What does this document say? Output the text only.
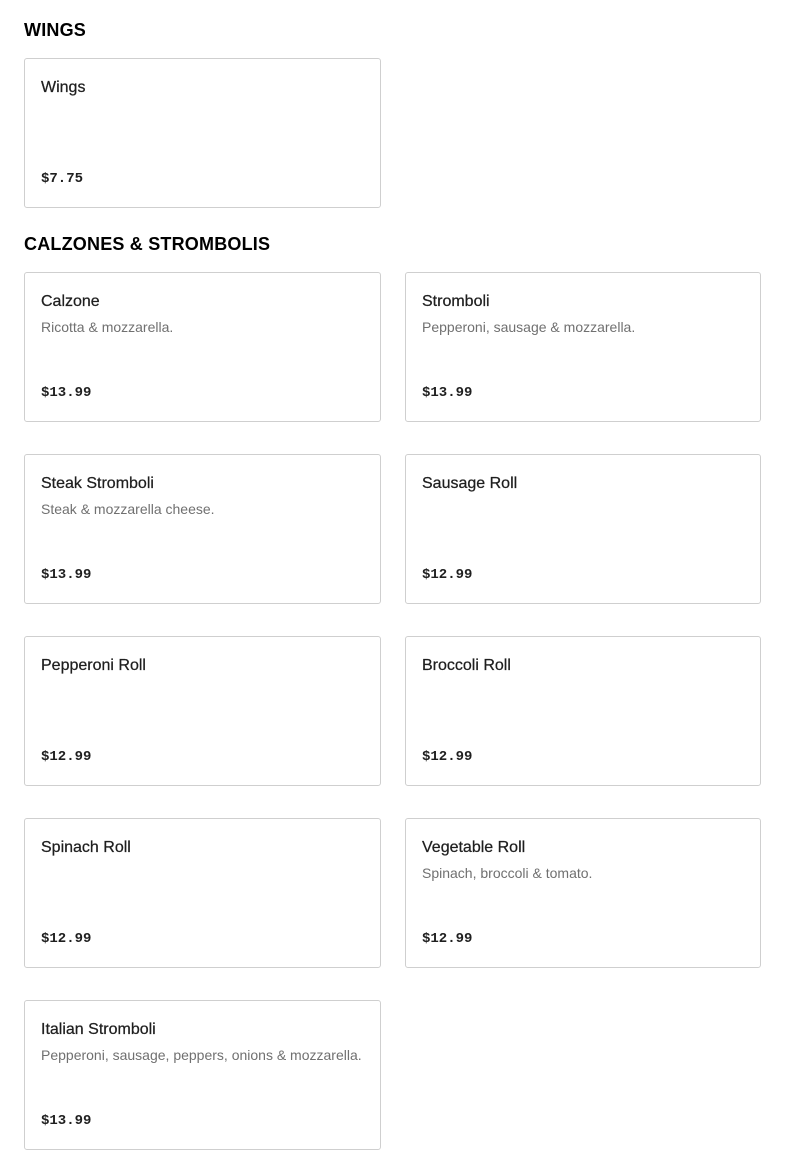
WINGS
Wings
$7.75
CALZONES & STROMBOLIS
Calzone
Ricotta & mozzarella.
$13.99
Stromboli
Pepperoni, sausage & mozzarella.
$13.99
Steak Stromboli
Steak & mozzarella cheese.
$13.99
Sausage Roll
$12.99
Pepperoni Roll
$12.99
Broccoli Roll
$12.99
Spinach Roll
$12.99
Vegetable Roll
Spinach, broccoli & tomato.
$12.99
Italian Stromboli
Pepperoni, sausage, peppers, onions & mozzarella.
$13.99
